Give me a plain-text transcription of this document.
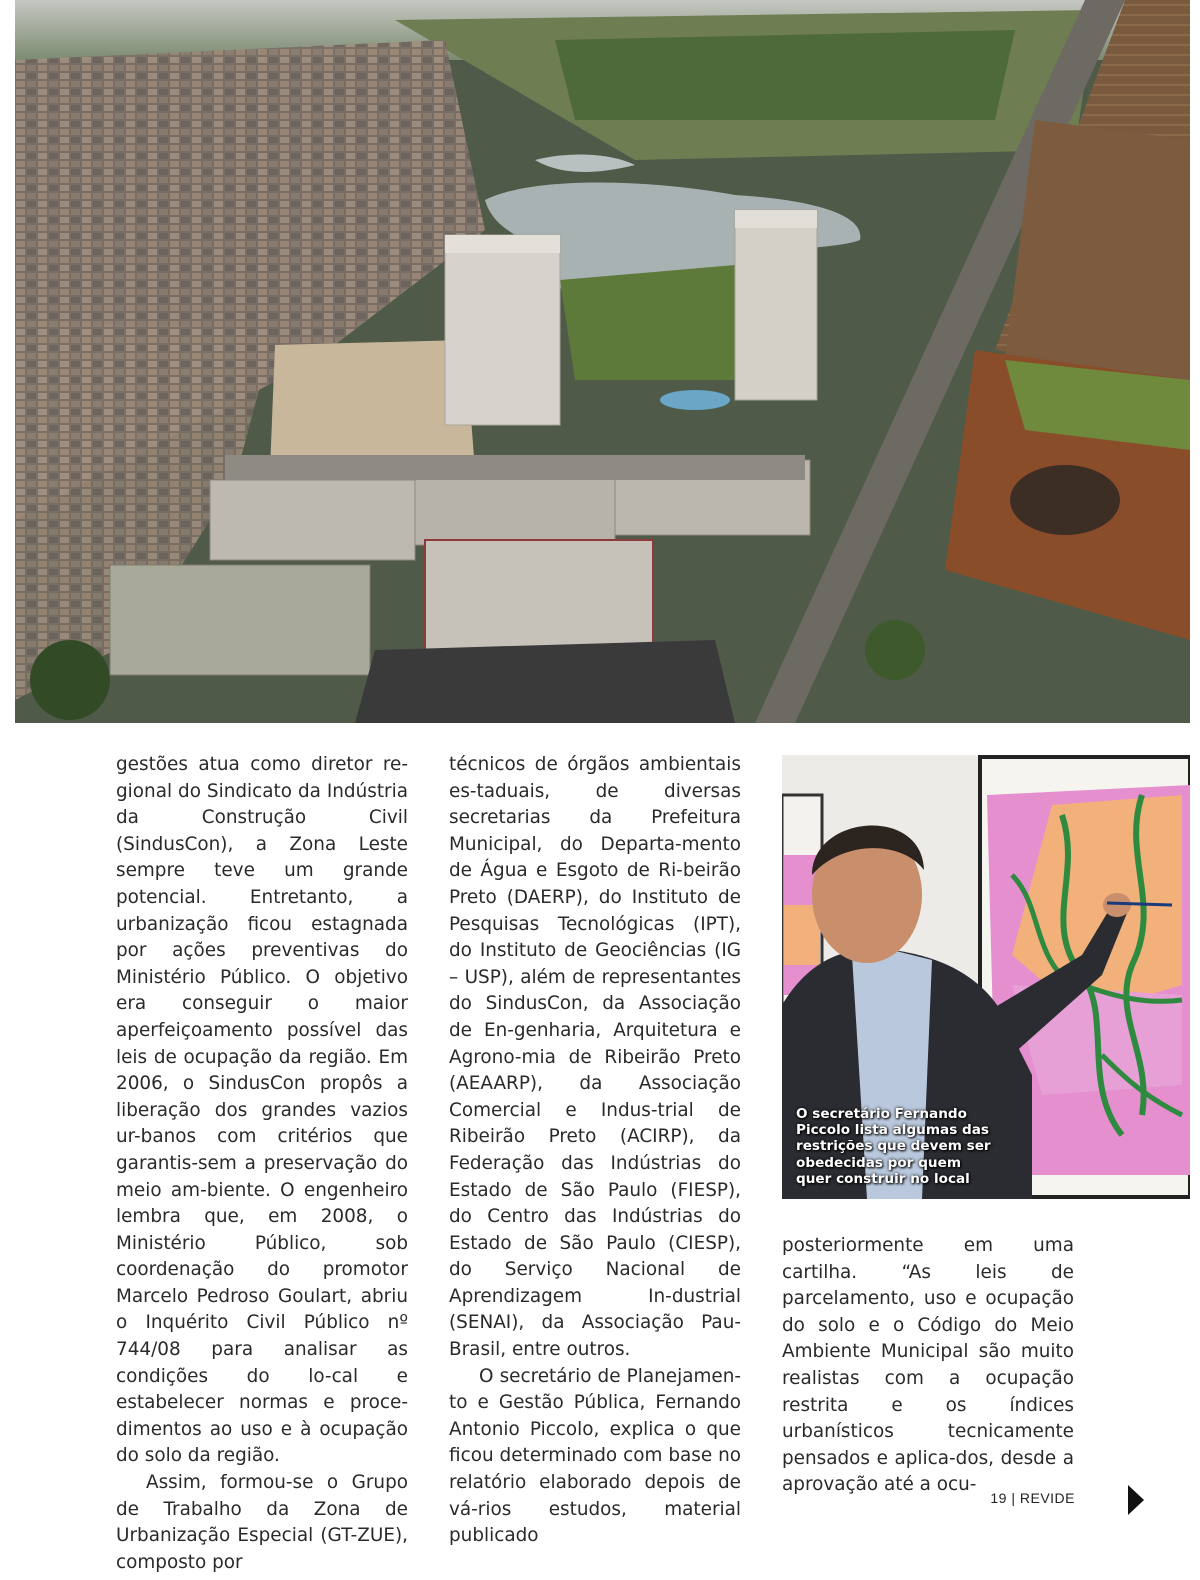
gestões atua como diretor re-gional do Sindicato da Indústria da Construção Civil (SindusCon), a Zona Leste sempre teve um grande potencial. Entretanto, a urbanização ficou estagnada por ações preventivas do Ministério Público. O objetivo era conseguir o maior aperfeiçoamento possível das leis de ocupação da região. Em 2006, o SindusCon propôs a liberação dos grandes vazios ur-banos com critérios que garantis-sem a preservação do meio am-biente. O engenheiro lembra que, em 2008, o Ministério Público, sob coordenação do promotor Marcelo Pedroso Goulart, abriu o Inquérito Civil Público nº 744/08 para analisar as condições do lo-cal e estabelecer normas e proce-dimentos ao uso e à ocupação do solo da região.

Assim, formou-se o Grupo de Trabalho da Zona de Urbanização Especial (GT-ZUE), composto por

técnicos de órgãos ambientais es-taduais, de diversas secretarias da Prefeitura Municipal, do Departa-mento de Água e Esgoto de Ri-beirão Preto (DAERP), do Instituto de Pesquisas Tecnológicas (IPT), do Instituto de Geociências (IG – USP), além de representantes do SindusCon, da Associação de En-genharia, Arquitetura e Agrono-mia de Ribeirão Preto (AEAARP), da Associação Comercial e Indus-trial de Ribeirão Preto (ACIRP), da Federação das Indústrias do Estado de São Paulo (FIESP), do Centro das Indústrias do Estado de São Paulo (CIESP), do Serviço Nacional de Aprendizagem In-dustrial (SENAI), da Associação Pau-Brasil, entre outros.

O secretário de Planejamen-to e Gestão Pública, Fernando Antonio Piccolo, explica o que ficou determinado com base no relatório elaborado depois de vá-rios estudos, material publicado

O secretário Fernando Piccolo lista algumas das restrições que devem ser obedecidas por quem quer construir no local

posteriormente em uma cartilha. “As leis de parcelamento, uso e ocupação do solo e o Código do Meio Ambiente Municipal são muito realistas com a ocupação restrita e os índices urbanísticos tecnicamente pensados e aplica-dos, desde a aprovação até a ocu-

19 | REVIDE
